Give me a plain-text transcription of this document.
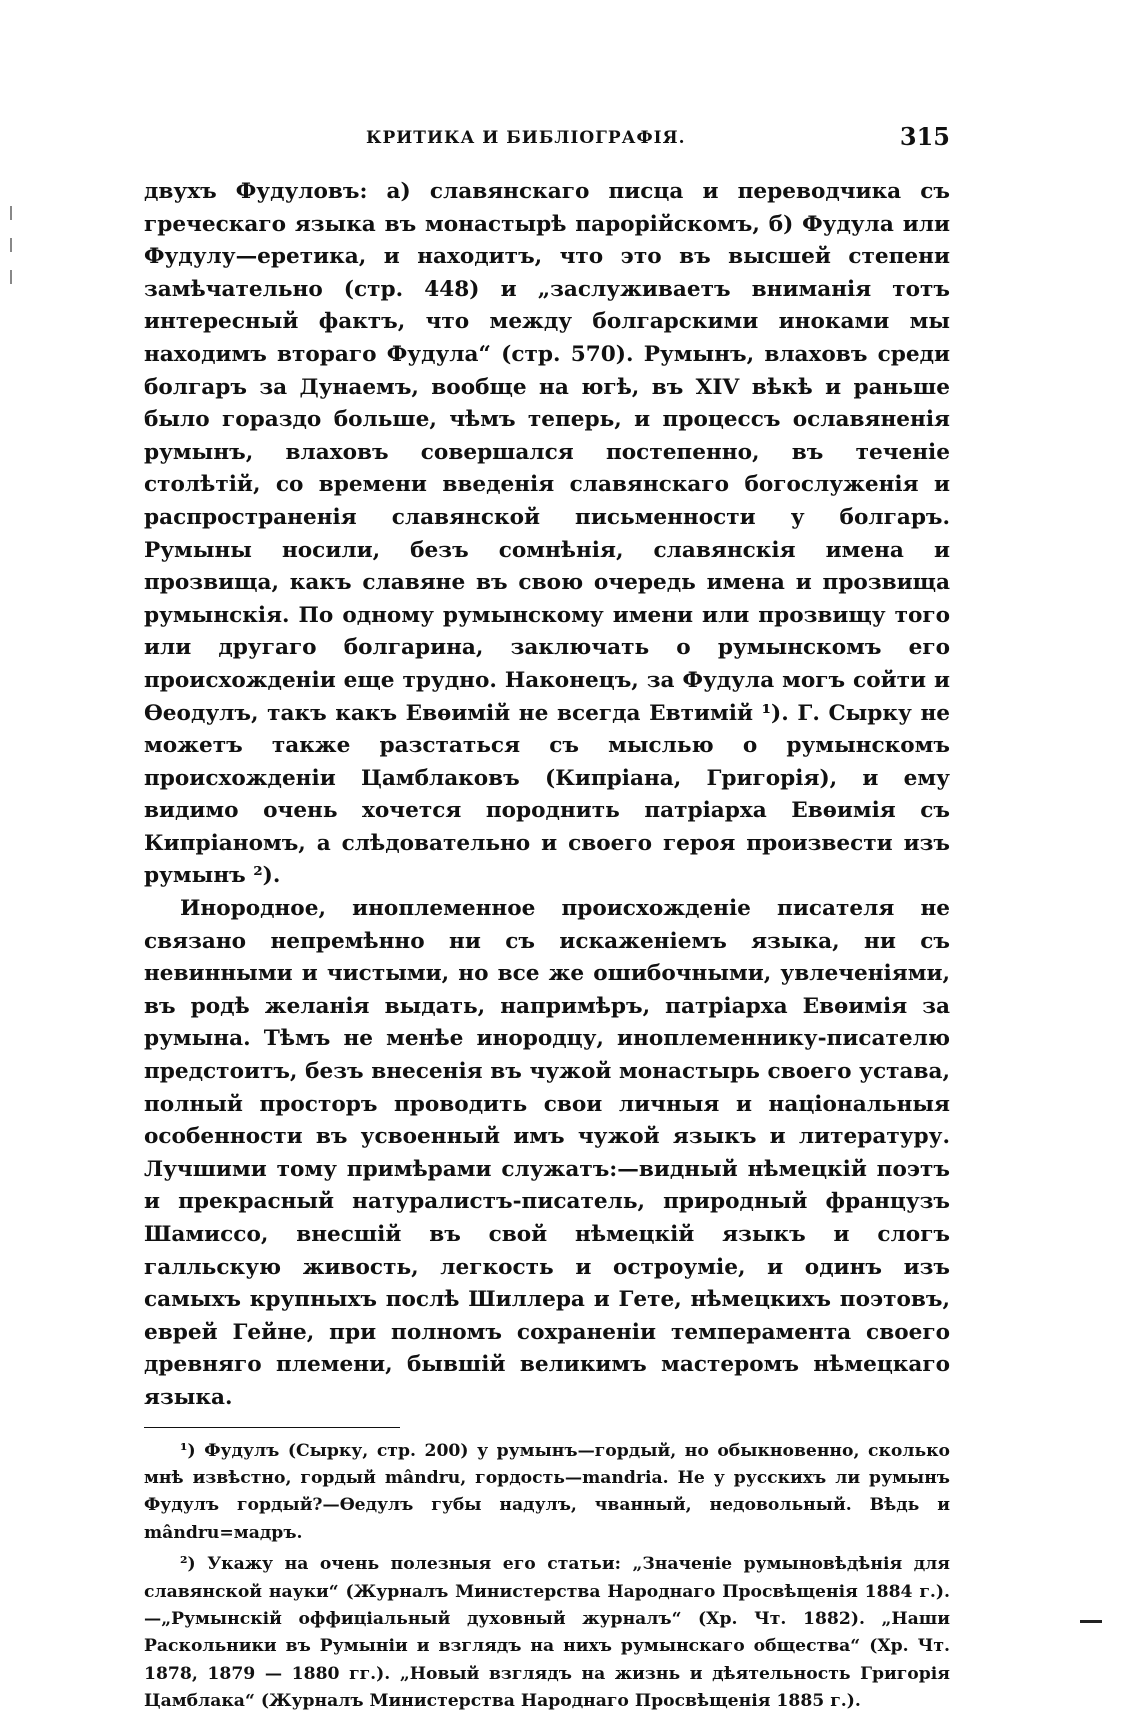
КРИТИКА И БИБЛІОГРАФІЯ.	315

двухъ Фудуловъ: а) славянскаго писца и переводчика съ греческаго языка въ монастырѣ парорійскомъ, б) Фудула или Фудулу—еретика, и находитъ, что это въ высшей степени замѣчательно (стр. 448) и „заслуживаетъ вниманія тотъ интересный фактъ, что между болгарскими иноками мы находимъ втораго Фудула“ (стр. 570). Румынъ, влаховъ среди болгаръ за Дунаемъ, вообще на югѣ, въ XIV вѣкѣ и раньше было гораздо больше, чѣмъ теперь, и процессъ ославяненія румынъ, влаховъ совершался постепенно, въ теченіе столѣтій, со времени введенія славянскаго богослуженія и распространенія славянской письменности у болгаръ. Румыны носили, безъ сомнѣнія, славянскія имена и прозвища, какъ славяне въ свою очередь имена и прозвища румынскія. По одному румынскому имени или прозвищу того или другаго болгарина, заключать о румынскомъ его происхожденіи еще трудно. Наконецъ, за Фудула могъ сойти и Ѳеодулъ, такъ какъ Евѳимій не всегда Евтимій ¹). Г. Сырку не можетъ также разстаться съ мыслью о румынскомъ происхожденіи Цамблаковъ (Кипріана, Григорія), и ему видимо очень хочется породнить патріарха Евѳимія съ Кипріаномъ, а слѣдовательно и своего героя произвести изъ румынъ ²).

Инородное, иноплеменное происхожденіе писателя не связано непремѣнно ни съ искаженіемъ языка, ни съ невинными и чистыми, но все же ошибочными, увлеченіями, въ родѣ желанія выдать, напримѣръ, патріарха Евѳимія за румына. Тѣмъ не менѣе инородцу, иноплеменнику-писателю предстоитъ, безъ внесенія въ чужой монастырь своего устава, полный просторъ проводить свои личныя и національныя особенности въ усвоенный имъ чужой языкъ и литературу. Лучшими тому примѣрами служатъ:—видный нѣмецкій поэтъ и прекрасный натуралистъ-писатель, природный французъ Шамиссо, внесшій въ свой нѣмецкій языкъ и слогъ галльскую живость, легкость и остроуміе, и одинъ изъ самыхъ крупныхъ послѣ Шиллера и Гете, нѣмецкихъ поэтовъ, еврей Гейне, при полномъ сохраненіи темперамента своего древняго племени, бывшій великимъ мастеромъ нѣмецкаго языка.

¹) Фудулъ (Сырку, стр. 200) у румынъ—гордый, но обыкновенно, сколько мнѣ извѣстно, гордый mândru, гордость—mandria. Не у русскихъ ли румынъ Фудулъ гордый?—Ѳедулъ губы надулъ, чванный, недовольный. Вѣдь и mândru=мадръ.

²) Укажу на очень полезныя его статьи: „Значеніе румыновѣдѣнія для славянской науки“ (Журналъ Министерства Народнаго Просвѣщенія 1884 г.).—„Румынскій оффиціальный духовный журналъ“ (Хр. Чт. 1882). „Наши Раскольники въ Румыніи и взглядъ на нихъ румынскаго общества“ (Хр. Чт. 1878, 1879 — 1880 гг.). „Новый взглядъ на жизнь и дѣятельность Григорія Цамблака“ (Журналъ Министерства Народнаго Просвѣщенія 1885 г.).
